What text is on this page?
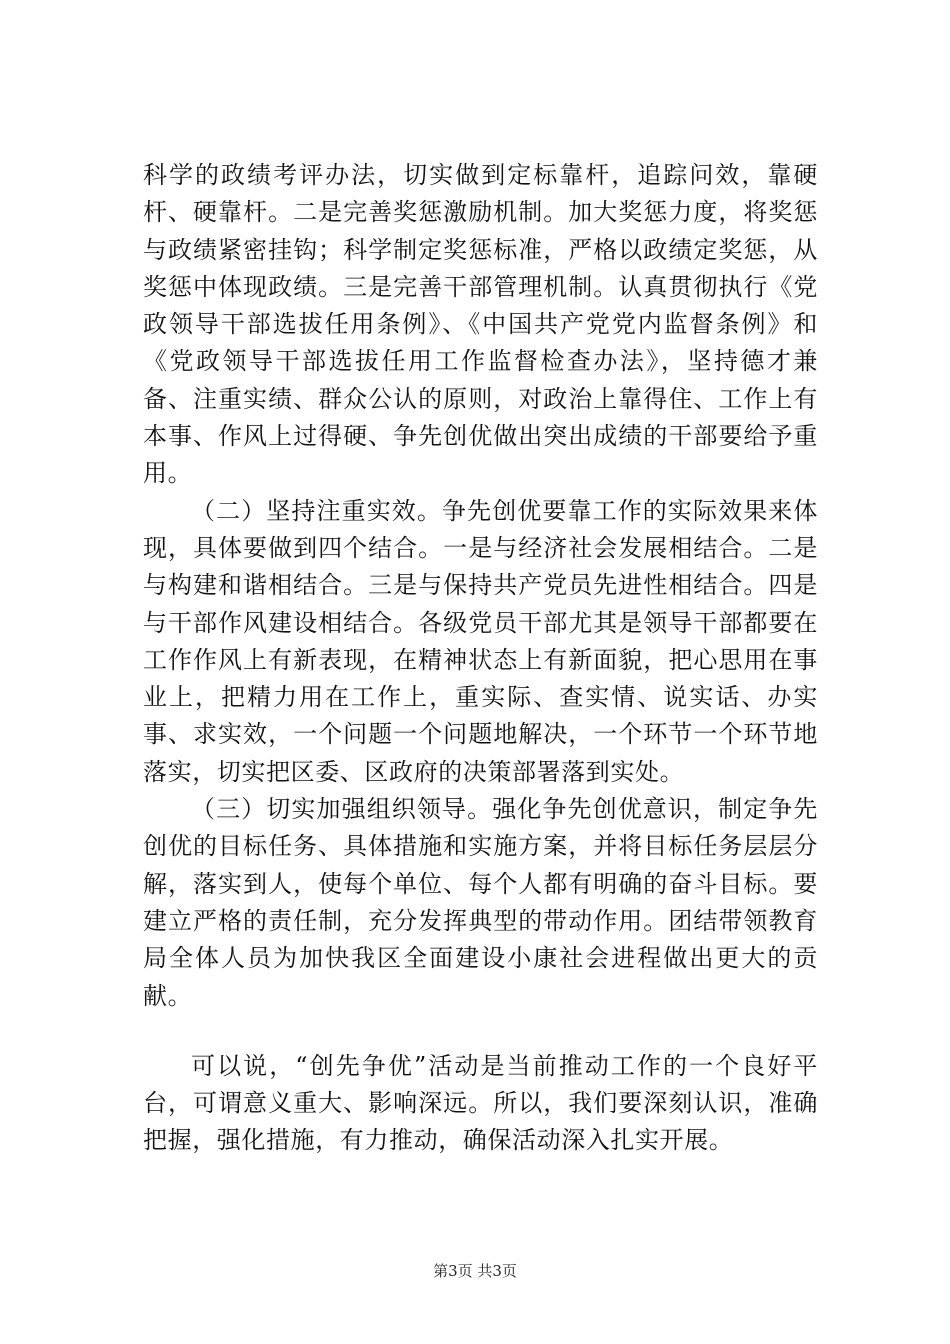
科学的政绩考评办法，切实做到定标靠杆，追踪问效，靠硬杆、硬靠杆。二是完善奖惩激励机制。加大奖惩力度，将奖惩与政绩紧密挂钩；科学制定奖惩标准，严格以政绩定奖惩，从奖惩中体现政绩。三是完善干部管理机制。认真贯彻执行《党政领导干部选拔任用条例》、《中国共产党党内监督条例》和《党政领导干部选拔任用工作监督检查办法》，坚持德才兼备、注重实绩、群众公认的原则，对政治上靠得住、工作上有本事、作风上过得硬、争先创优做出突出成绩的干部要给予重用。

（二）坚持注重实效。争先创优要靠工作的实际效果来体现，具体要做到四个结合。一是与经济社会发展相结合。二是与构建和谐相结合。三是与保持共产党员先进性相结合。四是与干部作风建设相结合。各级党员干部尤其是领导干部都要在工作作风上有新表现，在精神状态上有新面貌，把心思用在事业上，把精力用在工作上，重实际、查实情、说实话、办实事、求实效，一个问题一个问题地解决，一个环节一个环节地落实，切实把区委、区政府的决策部署落到实处。

（三）切实加强组织领导。强化争先创优意识，制定争先创优的目标任务、具体措施和实施方案，并将目标任务层层分解，落实到人，使每个单位、每个人都有明确的奋斗目标。要建立严格的责任制，充分发挥典型的带动作用。团结带领教育局全体人员为加快我区全面建设小康社会进程做出更大的贡献。

可以说，“创先争优”活动是当前推动工作的一个良好平台，可谓意义重大、影响深远。所以，我们要深刻认识，准确把握，强化措施，有力推动，确保活动深入扎实开展。

第3页 共3页
